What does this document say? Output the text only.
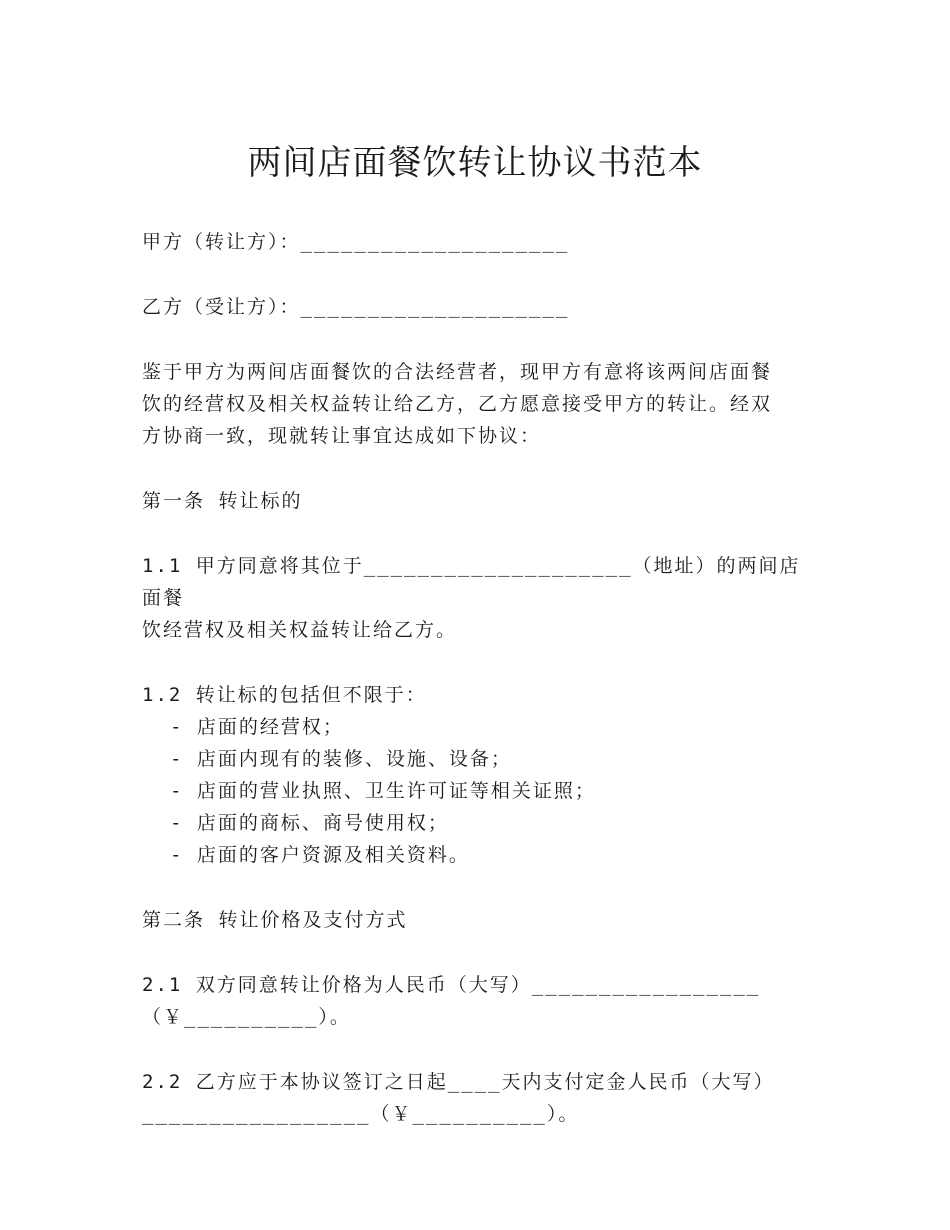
两间店面餐饮转让协议书范本

甲方（转让方）：____________________

乙方（受让方）：____________________

鉴于甲方为两间店面餐饮的合法经营者，现甲方有意将该两间店面餐

饮的经营权及相关权益转让给乙方，乙方愿意接受甲方的转让。经双

方协商一致，现就转让事宜达成如下协议：

第一条 转让标的

1.1 甲方同意将其位于____________________（地址）的两间店面餐

饮经营权及相关权益转让给乙方。

1.2 转让标的包括但不限于：

- 店面的经营权；

- 店面内现有的装修、设施、设备；

- 店面的营业执照、卫生许可证等相关证照；

- 店面的商标、商号使用权；

- 店面的客户资源及相关资料。

第二条 转让价格及支付方式

2.1 双方同意转让价格为人民币（大写）_________________

（￥__________）。

2.2 乙方应于本协议签订之日起____天内支付定金人民币（大写）

_________________（￥__________）。
